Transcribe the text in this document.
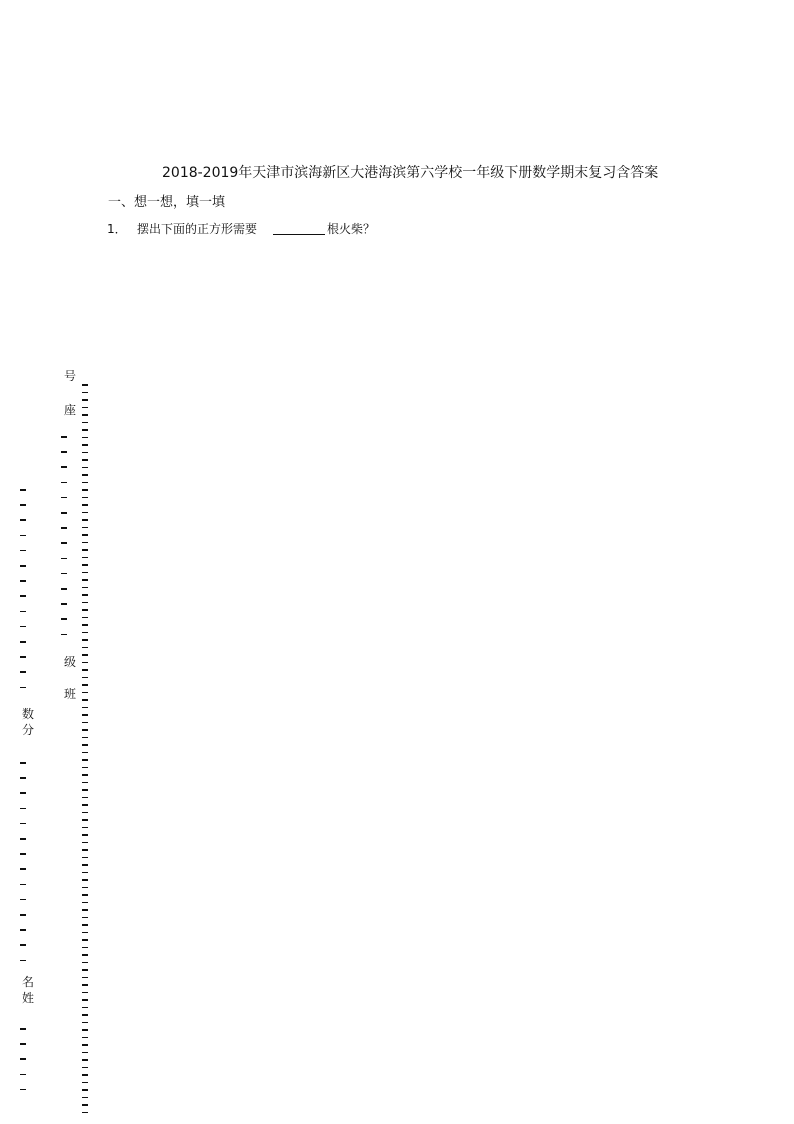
2018-2019年天津市滨海新区大港海滨第六学校一年级下册数学期末复习含答案
一、想一想，填一填
1． 摆出下面的正方形需要	根火柴？
号
座
级
班
数
分
名
姓
